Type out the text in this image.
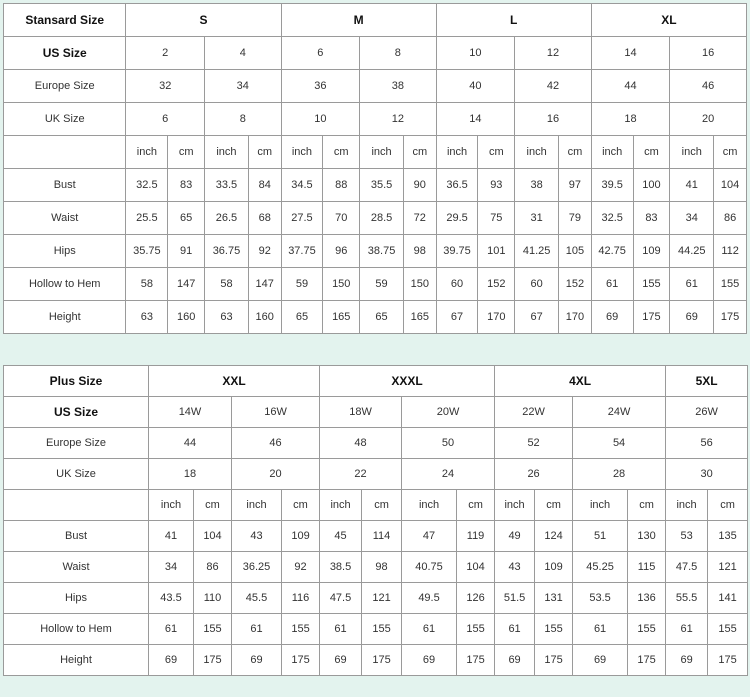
Stansard Size	S				M				L				XL			
US Size	2		4		6		8		10		12		14		16	
Europe Size	32		34		36		38		40		42		44		46	
UK Size	6		8		10		12		14		16		18		20	
	inch	cm	inch	cm	inch	cm	inch	cm	inch	cm	inch	cm	inch	cm	inch	cm
Bust	32.5	83	33.5	84	34.5	88	35.5	90	36.5	93	38	97	39.5	100	41	104
Waist	25.5	65	26.5	68	27.5	70	28.5	72	29.5	75	31	79	32.5	83	34	86
Hips	35.75	91	36.75	92	37.75	96	38.75	98	39.75	101	41.25	105	42.75	109	44.25	112
Hollow to Hem	58	147	58	147	59	150	59	150	60	152	60	152	61	155	61	155
Height	63	160	63	160	65	165	65	165	67	170	67	170	69	175	69	175
Plus Size	XXL				XXXL				4XL				5XL	
US Size	14W		16W		18W		20W		22W		24W		26W	
Europe Size	44		46		48		50		52		54		56	
UK Size	18		20		22		24		26		28		30	
	inch	cm	inch	cm	inch	cm	inch	cm	inch	cm	inch	cm	inch	cm
Bust	41	104	43	109	45	114	47	119	49	124	51	130	53	135
Waist	34	86	36.25	92	38.5	98	40.75	104	43	109	45.25	115	47.5	121
Hips	43.5	110	45.5	116	47.5	121	49.5	126	51.5	131	53.5	136	55.5	141
Hollow to Hem	61	155	61	155	61	155	61	155	61	155	61	155	61	155
Height	69	175	69	175	69	175	69	175	69	175	69	175	69	175
